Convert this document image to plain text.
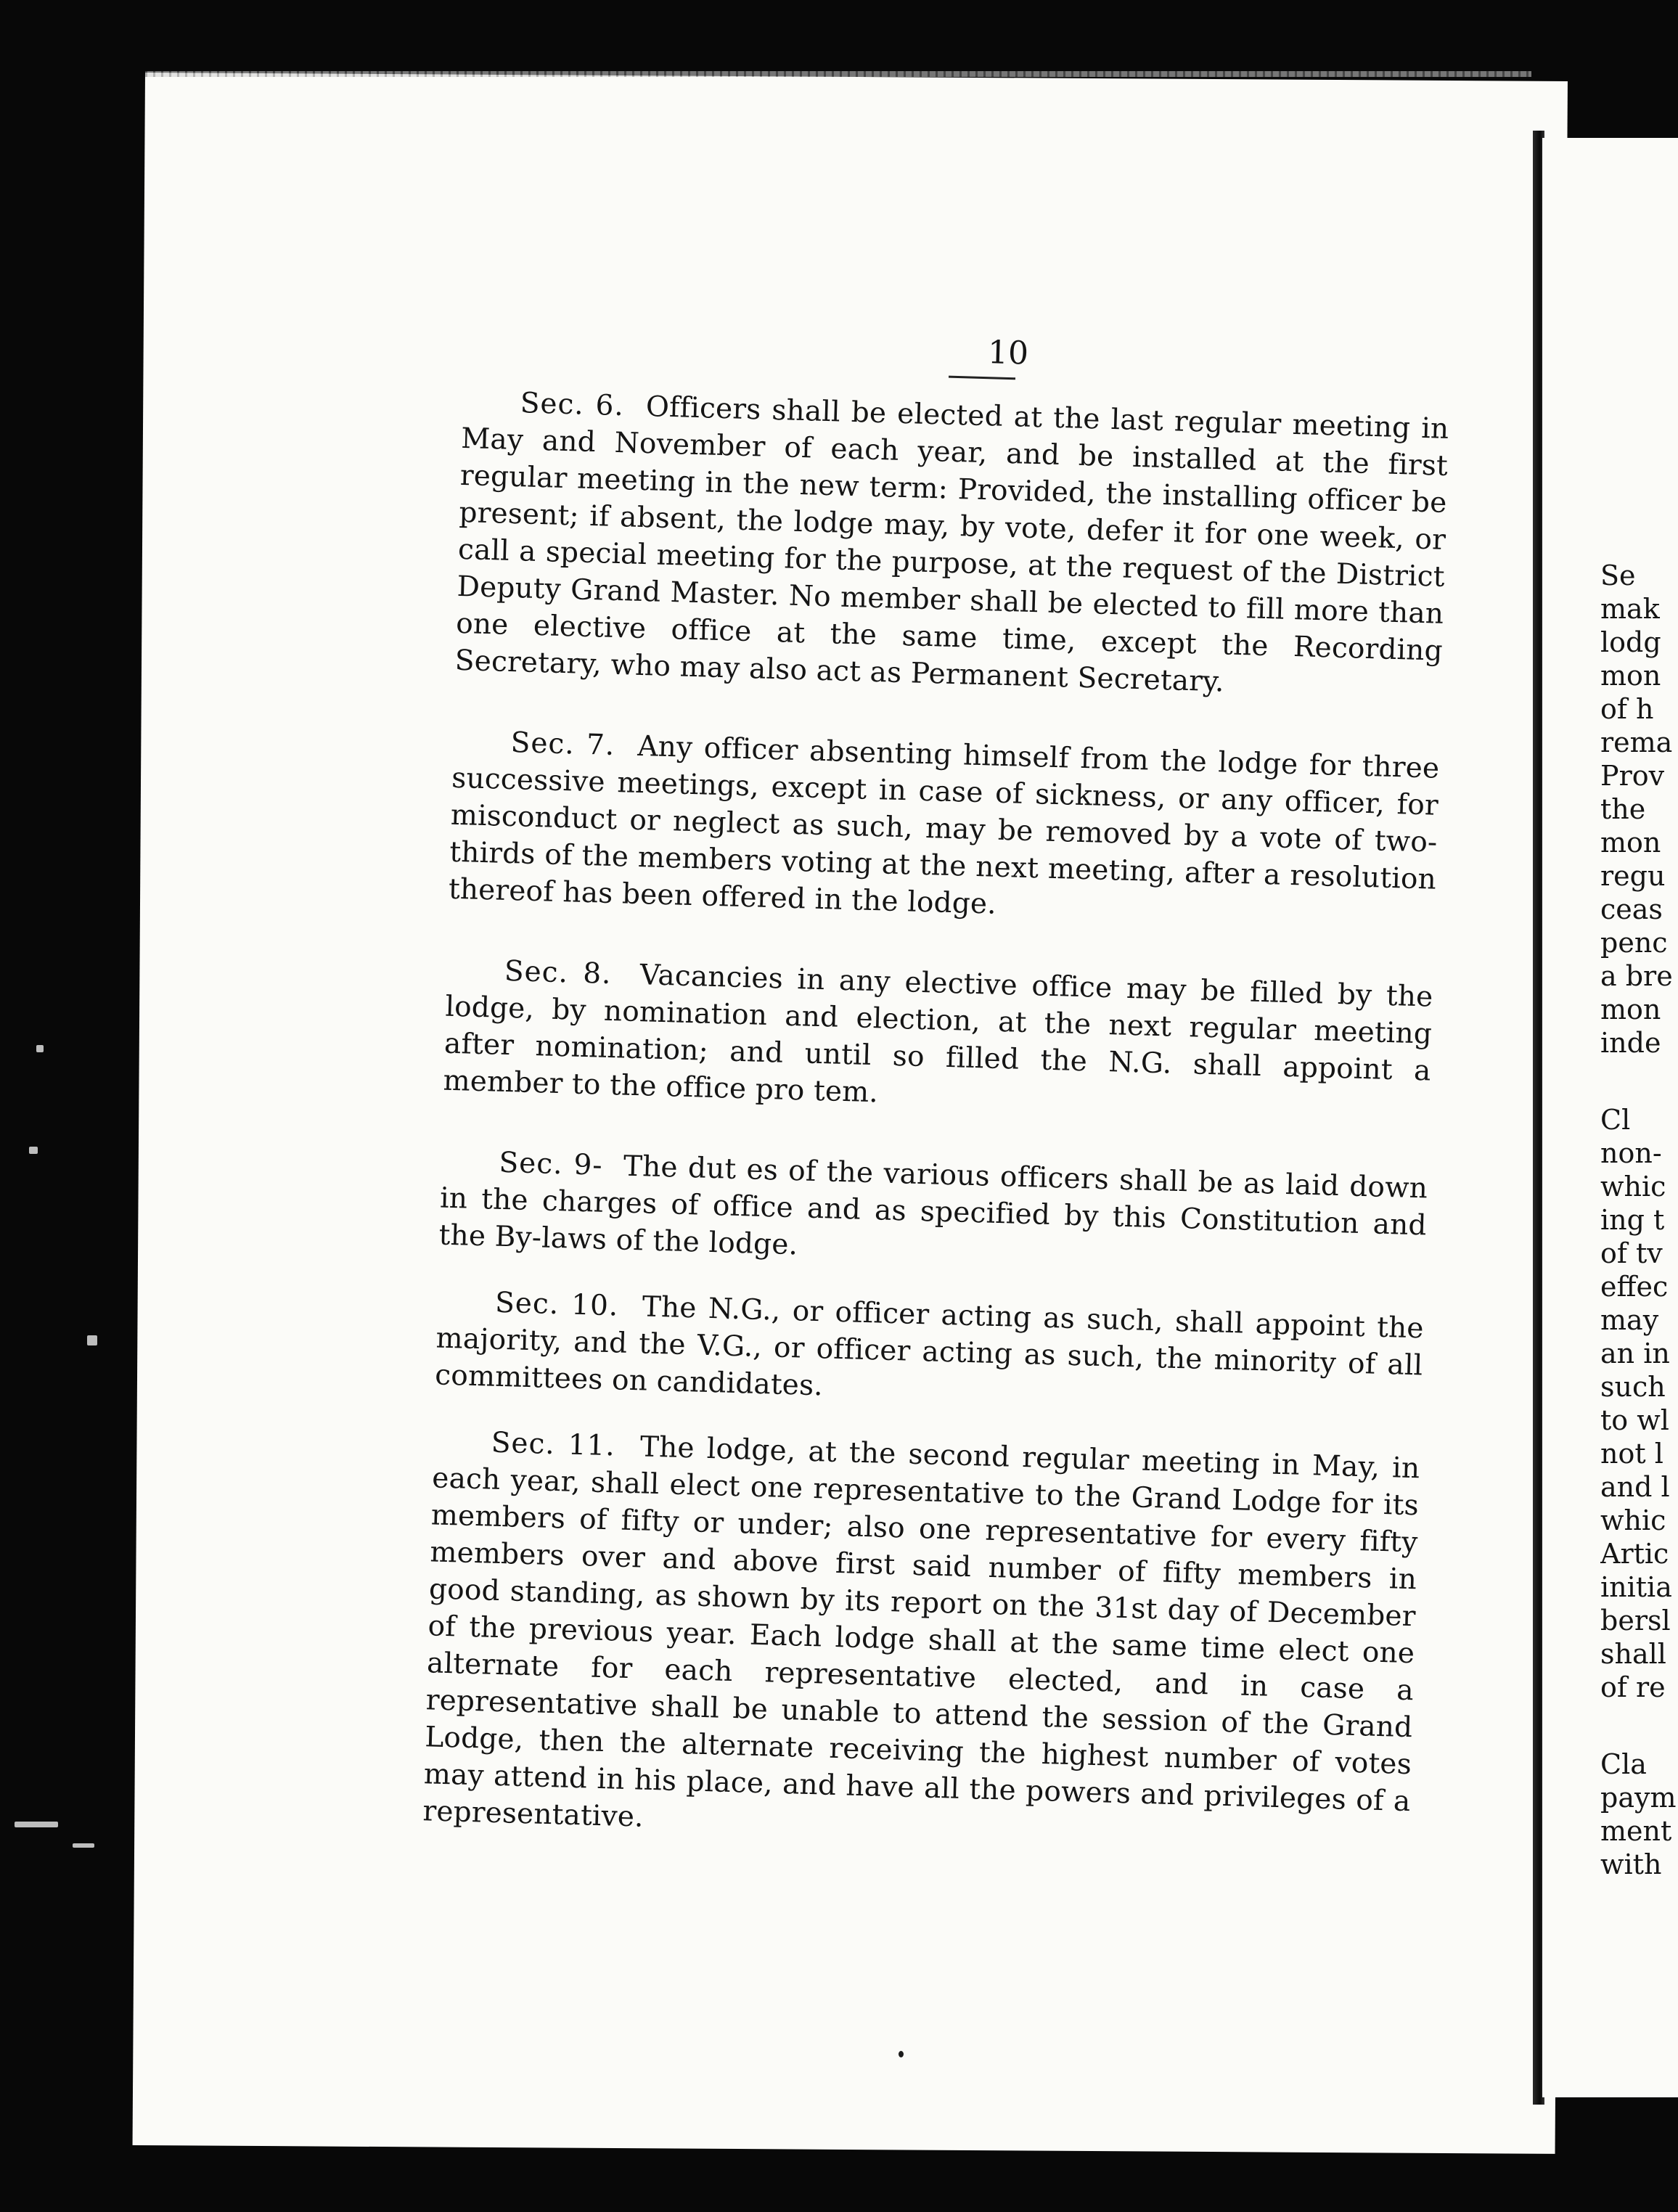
10

Sec. 6. Officers shall be elected at the last regular meeting in May and November of each year, and be installed at the first regular meeting in the new term: Provided, the installing officer be present; if absent, the lodge may, by vote, defer it for one week, or call a special meeting for the purpose, at the request of the District Deputy Grand Master. No member shall be elected to fill more than one elective office at the same time, except the Recording Secretary, who may also act as Permanent Secretary.

Sec. 7. Any officer absenting himself from the lodge for three successive meetings, except in case of sickness, or any officer, for misconduct or neglect as such, may be removed by a vote of two-thirds of the members voting at the next meeting, after a resolution thereof has been offered in the lodge.

Sec. 8. Vacancies in any elective office may be filled by the lodge, by nomination and election, at the next regular meeting after nomination; and until so filled the N.G. shall appoint a member to the office pro tem.

Sec. 9- The dut es of the various officers shall be as laid down in the charges of office and as specified by this Constitution and the By-laws of the lodge.

Sec. 10. The N.G., or officer acting as such, shall appoint the majority, and the V.G., or officer acting as such, the minority of all committees on candidates.

Sec. 11. The lodge, at the second regular meeting in May, in each year, shall elect one representative to the Grand Lodge for its members of fifty or under; also one representative for every fifty members over and above first said number of fifty members in good standing, as shown by its report on the 31st day of December of the previous year. Each lodge shall at the same time elect one alternate for each representative elected, and in case a representative shall be unable to attend the session of the Grand Lodge, then the alternate receiving the highest number of votes may attend in his place, and have all the powers and privileges of a representative.

Se
mak
lodg
mon
of h
rema
Prov
the
mon
regu
ceas
penc
a bre
mon
inde
Cl
non-
whic
ing t
of tv
effec
may
an in
such
to wl
not l
and l
whic
Artic
initia
bersl
shall
of re
Cla
paym
ment
with
